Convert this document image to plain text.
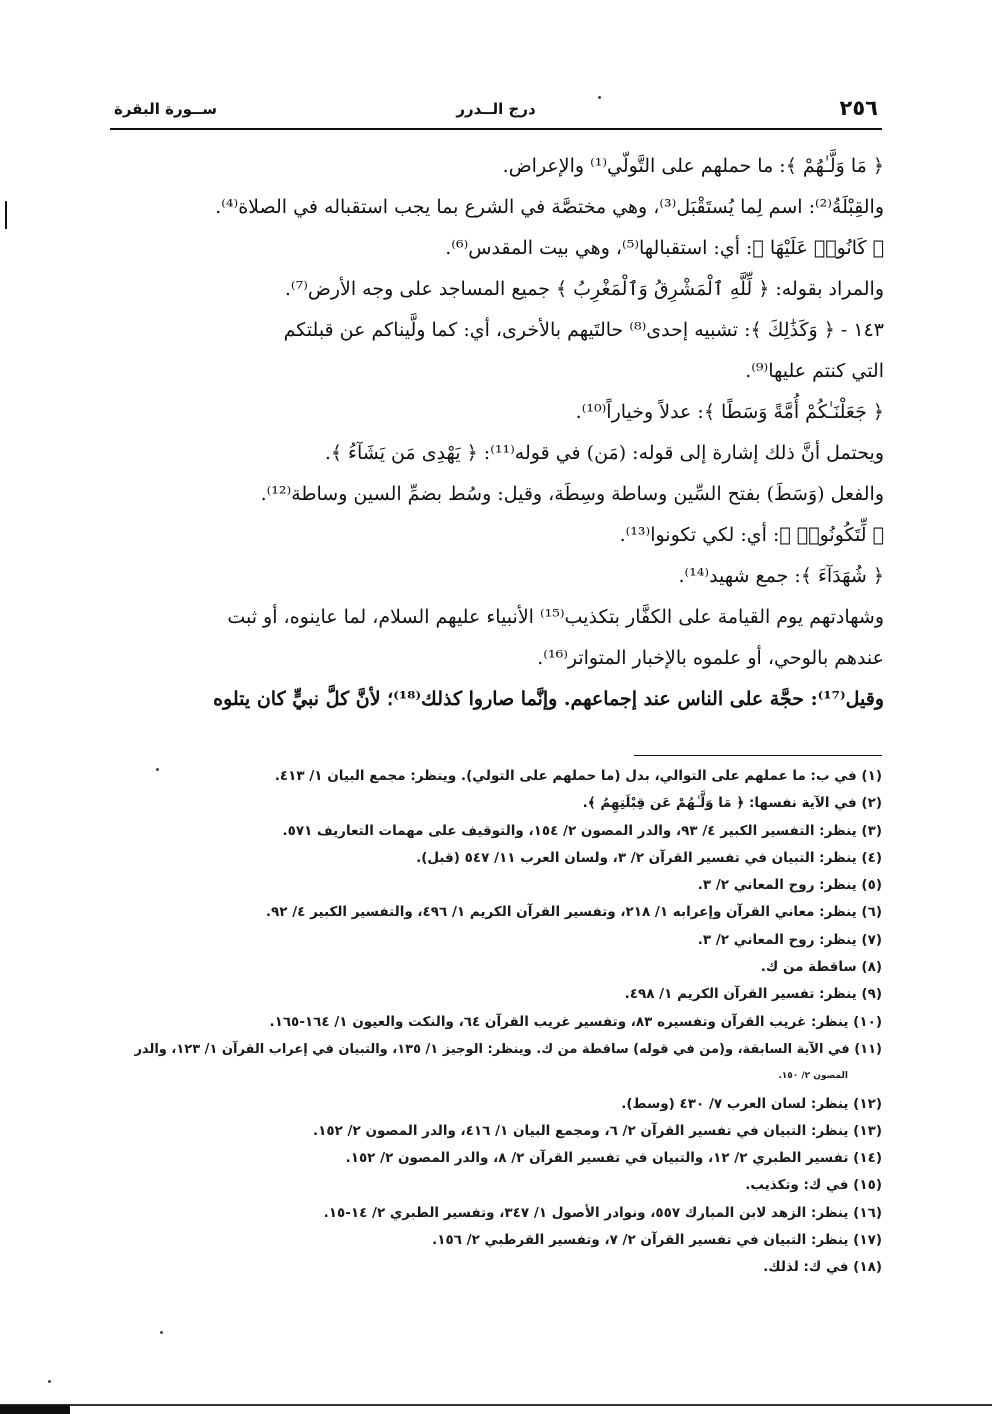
٢٥٦
درج الــدرر
ســورة البقرة
﴿ مَا وَلَّـٰهُمْ ﴾: ما حملهم على التَّولّي⁽¹⁾ والإعراض.
والقِبْلَةُ⁽²⁾: اسم لِما يُستَقْبَل⁽³⁾، وهي مختصَّة في الشرع بما يجب استقباله في الصلاة⁽⁴⁾.
﴿ كَانُوا۟ عَلَيْهَا ﴾: أي: استقبالها⁽⁵⁾، وهي بيت المقدس⁽⁶⁾.
والمراد بقوله: ﴿ لِّلَّهِ ٱلْمَشْرِقُ وَٱلْمَغْرِبُ ﴾ جميع المساجد على وجه الأرض⁽⁷⁾.
١٤٣ - ﴿ وَكَذَٰلِكَ ﴾: تشبيه إحدى⁽⁸⁾ حالتَيهم بالأخرى، أي: كما ولَّيناكم عن قبلتكم
التي كنتم عليها⁽⁹⁾.
﴿ جَعَلْنَـٰكُمْ أُمَّةً وَسَطًا ﴾: عدلاً وخياراً⁽¹⁰⁾.
ويحتمل أنَّ ذلك إشارة إلى قوله: (مَن) في قوله⁽¹¹⁾: ﴿ يَهْدِى مَن يَشَآءُ ﴾.
والفعل (وَسَطَ) بفتح السِّين وساطة وسِطَة، وقيل: وسُط بضمِّ السين وساطة⁽¹²⁾.
﴿ لِّتَكُونُوا۟ ﴾: أي: لكي تكونوا⁽¹³⁾.
﴿ شُهَدَآءَ ﴾: جمع شهيد⁽¹⁴⁾.
وشهادتهم يوم القيامة على الكفَّار بتكذيب⁽¹⁵⁾ الأنبياء عليهم السلام، لما عاينوه، أو ثبت
عندهم بالوحي، أو علموه بالإخبار المتواتر⁽¹⁶⁾.
وقيل⁽¹⁷⁾: حجَّة على الناس عند إجماعهم. وإنَّما صاروا كذلك⁽¹⁸⁾؛ لأنَّ كلَّ نبيٍّ كان يتلوه
(١) في ب: ما عملهم على التوالي، بدل (ما حملهم على التولي). وينظر: مجمع البيان ١/ ٤١٣.
(٢) في الآية نفسها: ﴿ مَا وَلَّـٰهُمْ عَن قِبْلَتِهِمُ ﴾.
(٣) ينظر: التفسير الكبير ٤/ ٩٣، والدر المصون ٢/ ١٥٤، والتوقيف على مهمات التعاريف ٥٧١.
(٤) ينظر: التبيان في تفسير القرآن ٢/ ٣، ولسان العرب ١١/ ٥٤٧ (قبل).
(٥) ينظر: روح المعاني ٢/ ٣.
(٦) ينظر: معاني القرآن وإعرابه ١/ ٢١٨، وتفسير القرآن الكريم ١/ ٤٩٦، والتفسير الكبير ٤/ ٩٢.
(٧) ينظر: روح المعاني ٢/ ٣.
(٨) ساقطة من ك.
(٩) ينظر: تفسير القرآن الكريم ١/ ٤٩٨.
(١٠) ينظر: غريب القرآن وتفسيره ٨٣، وتفسير غريب القرآن ٦٤، والنكت والعيون ١/ ١٦٤-١٦٥.
(١١) في الآية السابقة، و(من في قوله) ساقطة من ك. وينظر: الوجيز ١/ ١٣٥، والتبيان في إعراب القرآن ١/ ١٢٣، والدر
المصون ٢/ ١٥٠.
(١٢) ينظر: لسان العرب ٧/ ٤٣٠ (وسط).
(١٣) ينظر: التبيان في تفسير القرآن ٢/ ٦، ومجمع البيان ١/ ٤١٦، والدر المصون ٢/ ١٥٢.
(١٤) تفسير الطبري ٢/ ١٢، والتبيان في تفسير القرآن ٢/ ٨، والدر المصون ٢/ ١٥٢.
(١٥) في ك: وتكذيب.
(١٦) ينظر: الزهد لابن المبارك ٥٥٧، ونوادر الأصول ١/ ٣٤٧، وتفسير الطبري ٢/ ١٤-١٥.
(١٧) ينظر: التبيان في تفسير القرآن ٢/ ٧، وتفسير القرطبي ٢/ ١٥٦.
(١٨) في ك: لذلك.
